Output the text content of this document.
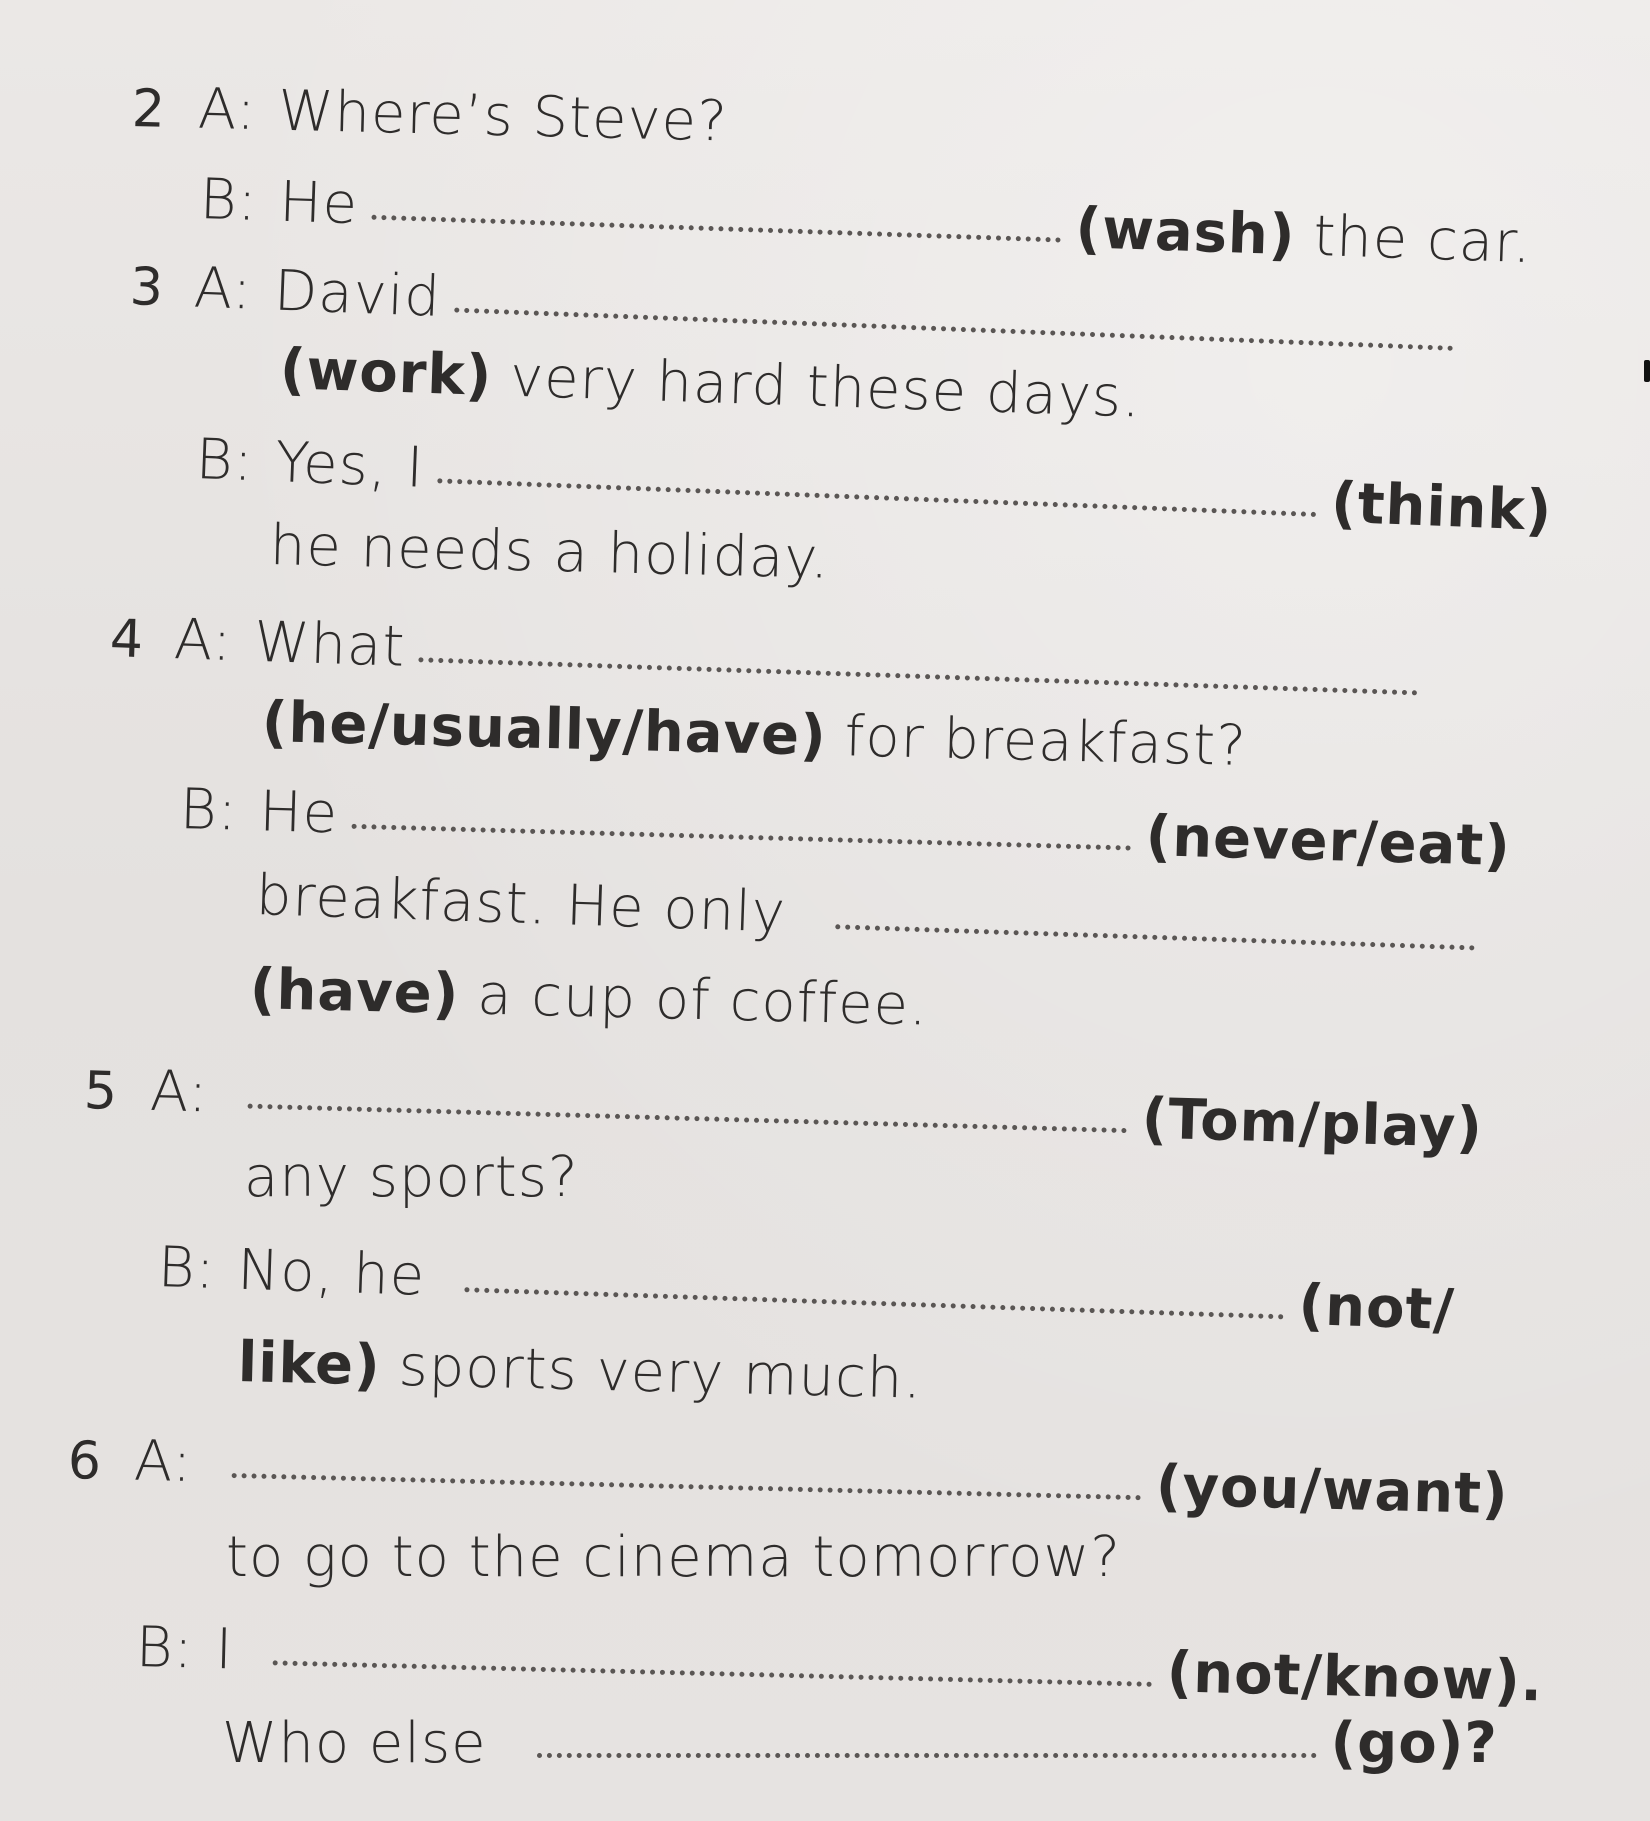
2 A: Where’s Steve?
B: He	(wash) the car.
3 A: David
(work) very hard these days.
B: Yes, I
(think)
he needs a holiday.
4 A: What
(he/usually/have) for breakfast?
B: He	(never/eat)
breakfast. He only
(have) a cup of coffee.
5 A:	(Tom/play)
any sports?
B: No, he	(not/
like) sports very much.
6 A:	(you/want)
to go to the cinema tomorrow?
B: I	(not/know).
Who else	(go)?
